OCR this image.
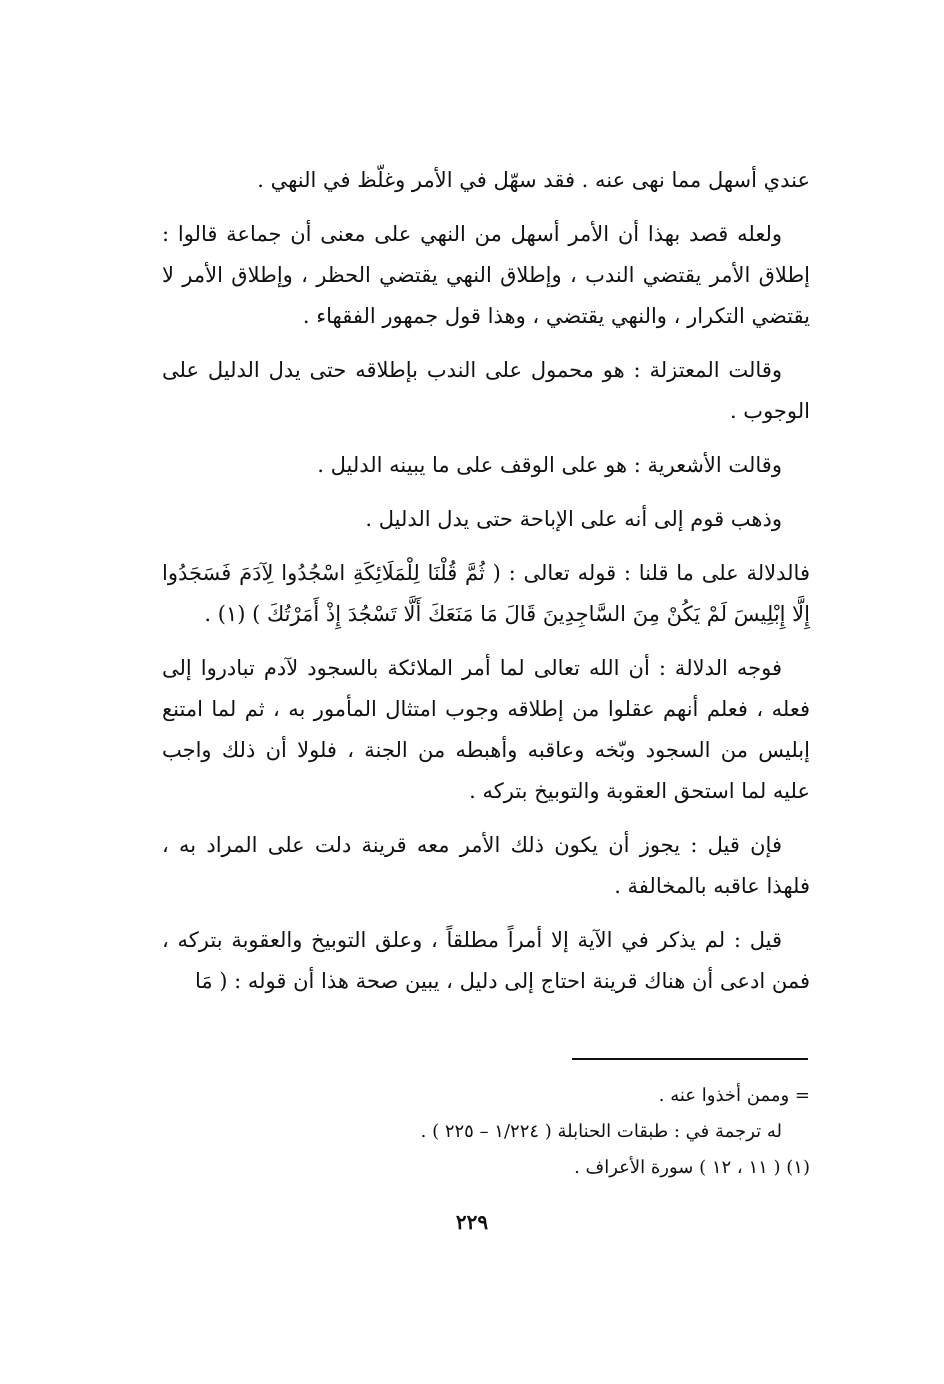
عندي أسهل مما نهى عنه . فقد سهّل في الأمر وغلّظ في النهي .

ولعله قصد بهذا أن الأمر أسهل من النهي على معنى أن جماعة قالوا : إطلاق الأمر يقتضي الندب ، وإطلاق النهي يقتضي الحظر ، وإطلاق الأمر لا يقتضي التكرار ، والنهي يقتضي ، وهذا قول جمهور الفقهاء .

وقالت المعتزلة : هو محمول على الندب بإطلاقه حتى يدل الدليل على الوجوب .

وقالت الأشعرية : هو على الوقف على ما يبينه الدليل .

وذهب قوم إلى أنه على الإباحة حتى يدل الدليل .

فالدلالة على ما قلنا : قوله تعالى : ( ثُمَّ قُلْنَا لِلْمَلَائِكَةِ اسْجُدُوا لِآدَمَ فَسَجَدُوا إِلَّا إِبْلِيسَ لَمْ يَكُنْ مِنَ السَّاجِدِينَ قَالَ مَا مَنَعَكَ أَلَّا تَسْجُدَ إِذْ أَمَرْتُكَ ) (١) .

فوجه الدلالة : أن الله تعالى لما أمر الملائكة بالسجود لآدم تبادروا إلى فعله ، فعلم أنهم عقلوا من إطلاقه وجوب امتثال المأمور به ، ثم لما امتنع إبليس من السجود وبّخه وعاقبه وأهبطه من الجنة ، فلولا أن ذلك واجب عليه لما استحق العقوبة والتوبيخ بتركه .

فإن قيل : يجوز أن يكون ذلك الأمر معه قرينة دلت على المراد به ، فلهذا عاقبه بالمخالفة .

قيل : لم يذكر في الآية إلا أمراً مطلقاً ، وعلق التوبيخ والعقوبة بتركه ، فمن ادعى أن هناك قرينة احتاج إلى دليل ، يبين صحة هذا أن قوله : ( مَا

= وممن أخذوا عنه .
له ترجمة في : طبقات الحنابلة ( ١/٢٢٤ – ٢٢٥ ) .
(١) ( ١١ ، ١٢ ) سورة الأعراف .
٢٢٩
